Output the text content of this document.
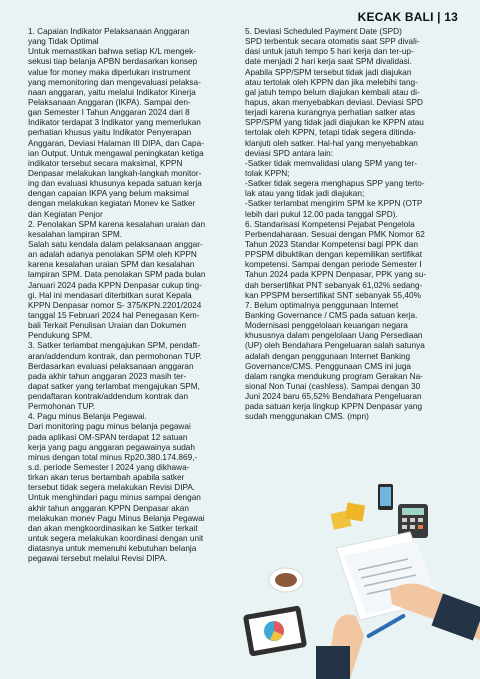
KECAK BALI | 13
1. Capaian Indikator Pelaksanaan Anggaran
yang Tidak Optimal
Untuk memastikan bahwa setiap K/L mengek-
sekusi tiap belanja APBN berdasarkan konsep
value for money maka diperlukan instrument
yang memonitoring dan mengevaluasi pelaksa-
naan anggaran, yaitu melalui Indikator Kinerja
Pelaksanaan Anggaran (IKPA). Sampai den-
gan Semester I Tahun Anggaran 2024 dari 8
Indikator terdapat 3 Indikator yang memerlukan
perhatian khusus yaitu Indikator Penyerapan
Anggaran, Deviasi Halaman III DIPA, dan Capa-
ian Output. Untuk mengawal peningkatan ketiga
indikator tersebut secara maksimal, KPPN
Denpasar melakukan langkah-langkah monitor-
ing dan evaluasi khusunya kepada satuan kerja
dengan capaian IKPA yang belum maksimal
dengan melakukan kegiatan Monev ke Satker
dan Kegiatan Penjor
2. Penolakan SPM karena kesalahan uraian dan
kesalahan lampiran SPM.
Salah satu kendala dalam pelaksanaan anggar-
an adalah adanya penolakan SPM oleh KPPN
karena kesalahan uraian SPM dan kesalahan
lampiran SPM. Data penolakan SPM pada bulan
Januari 2024 pada KPPN Denpasar cukup ting-
gi. Hal ini mendasari diterbitkan surat Kepala
KPPN Denpasar nomor S- 375/KPN.2201/2024
tanggal 15 Februari 2024 hal Penegasan Kem-
bali Terkait Penulisan Uraian dan Dokumen
Pendukung SPM.
3. Satker terlambat mengajukan SPM, pendaft-
aran/addendum kontrak, dan permohonan TUP.
Berdasarkan evaluasi pelaksanaan anggaran
pada akhir tahun anggaran 2023 masih ter-
dapat satker yang terlambat mengajukan SPM,
pendaftaran kontrak/addendum kontrak dan
Permohonan TUP.
4. Pagu minus Belanja Pegawai.
Dari monitoring pagu minus belanja pegawai
pada aplikasi OM-SPAN terdapat 12 satuan
kerja yang pagu anggaran pegawainya sudah
minus dengan total minus Rp20.380.174.869,-
s.d. periode Semester I 2024 yang dikhawa-
tirkan akan terus bertambah apabila satker
tersebut tidak segera melakukan Revisi DIPA.
Untuk menghindari pagu minus sampai dengan
akhir tahun anggaran KPPN Denpasar akan
melakukan monev Pagu Minus Belanja Pegawai
dan akan mengkoordinasikan ke Satker terkait
untuk segera melakukan koordinasi dengan unit
diatasnya untuk memenuhi kebutuhan belanja
pegawai tersebut melalui Revisi DIPA.
5. Deviasi Scheduled Payment Date (SPD)
SPD terbentuk secara otomatis saat SPP divali-
dasi untuk jatuh tempo 5 hari kerja dan ter-up-
date menjadi 2 hari kerja saat SPM divalidasi.
Apabila SPP/SPM tersebut tidak jadi diajukan
atau tertolak oleh KPPN dan jika melebihi tang-
gal jatuh tempo belum diajukan kembali atau di-
hapus, akan menyebabkan deviasi. Deviasi SPD
terjadi karena kurangnya perhatian satker atas
SPP/SPM yang tidak jadi diajukan ke KPPN atau
tertolak oleh KPPN, tetapi tidak segera ditinda-
klanjuti oleh satker. Hal-hal yang menyebabkan
deviasi SPD antara lain:
-Satker tidak memvalidasi ulang SPM yang ter-
tolak KPPN;
-Satker tidak segera menghapus SPP yang terto-
lak atau yang tidak jadi diajukan;
-Satker terlambat mengirim SPM ke KPPN (OTP
lebih dari pukul 12.00 pada tanggal SPD).
6. Standarisasi Kompetensi Pejabat Pengelola
Perbendaharaan. Sesuai dengan PMK Nomor 62
Tahun 2023 Standar Kompetensi bagi PPK dan
PPSPM dibuktikan dengan kepemilikan sertifikat
kompetensi. Sampai dengan periode Semester I
Tahun 2024 pada KPPN Denpasar, PPK yang su-
dah bersertifikat PNT sebanyak 61,02% sedang-
kan PPSPM bersertifikat SNT sebanyak 55,40%
7. Belum optimalnya penggunaan Internet
Banking Governance / CMS pada satuan kerja.
Modernisasi penggelolaan keuangan negara
khususnya dalam pengelolaan Uang Persediaan
(UP) oleh Bendahara Pengeluaran salah satunya
adalah dengan penggunaan Internet Banking
Governance/CMS. Penggunaan CMS ini juga
dalam rangka mendukung program Gerakan Na-
sional Non Tunai (cashless). Sampai dengan 30
Juni 2024 baru 65,52% Bendahara Pengeluaran
pada satuan kerja lingkup KPPN Denpasar yang
sudah menggunakan CMS. (mpn)
